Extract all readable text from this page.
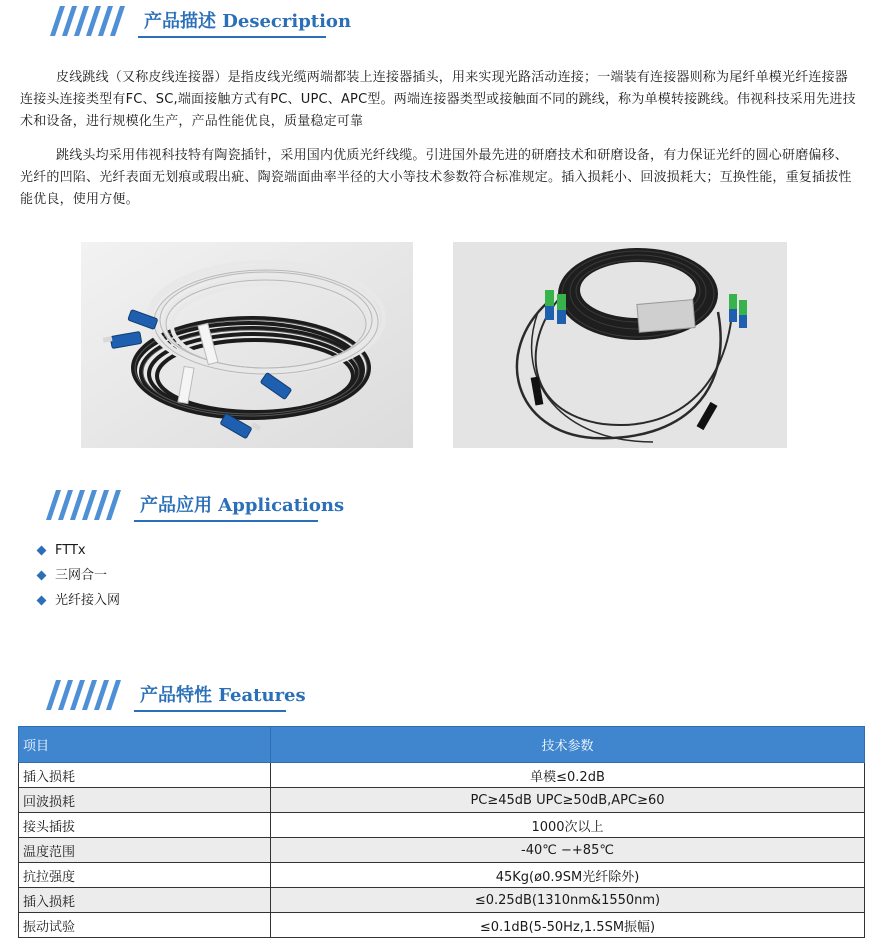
产品描述 Desecription
皮线跳线（又称皮线连接器）是指皮线光缆两端都装上连接器插头，用来实现光路活动连接；一端装有连接器则称为尾纤单模光纤连接器连接头连接类型有FC、SC,端面接触方式有PC、UPC、APC型。两端连接器类型或接触面不同的跳线，称为单模转接跳线。伟视科技采用先进技术和设备，进行规模化生产，产品性能优良，质量稳定可靠
跳线头均采用伟视科技特有陶瓷插针，采用国内优质光纤线缆。引进国外最先进的研磨技术和研磨设备，有力保证光纤的圆心研磨偏移、光纤的凹陷、光纤表面无划痕或瑕出疵、陶瓷端面曲率半径的大小等技术参数符合标准规定。插入损耗小、回波损耗大；互换性能，重复插拔性能优良，使用方便。
产品应用 Applications
FTTx
三网合一
光纤接入网
产品特性 Features
项目	技术参数
插入损耗	单模≤0.2dB
回波损耗	PC≥45dB UPC≥50dB,APC≥60
接头插拔	1000次以上
温度范围	-40℃ −+85℃
抗拉强度	45Kg(ø0.9SM光纤除外)
插入损耗	≤0.25dB(1310nm&1550nm)
振动试验	≤0.1dB(5-50Hz,1.5SM振幅)
